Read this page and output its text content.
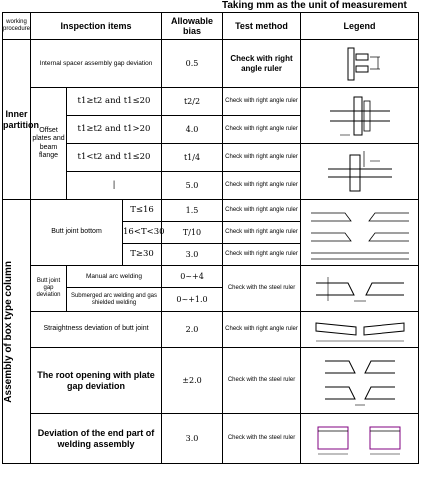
Taking mm as the unit of measurement
working procedure	Inspection items			Allowable bias	Test method	Legend
Inner partition	Internal spacer assembly gap deviation			0.5	Check with right angle ruler	

	Offset plates and beam flange	t1≥t2 and t1≤20		t2/2	Check with right angle ruler	

		t1≥t2 and t1>20		4.0	Check with right angle ruler	
		t1<t2 and t1≤20		t1/4	Check with right angle ruler	

		|		5.0	Check with right angle ruler	

Assembly of box type column	Butt joint bottom		T≤16	1.5	Check with right angle ruler	

			16<T<30	T/10	Check with right angle ruler	
			T≥30	3.0	Check with right angle ruler	
	Butt joint gap deviation	Manual arc welding		0~+4	Check with the steel ruler	

		Submerged arc welding and gas shielded welding		0~+1.0		
	Straightness deviation of butt joint			2.0	Check with right angle ruler	

	The root opening with plate gap deviation			±2.0	Check with the steel ruler	

	Deviation of the end part of welding assembly			3.0	Check with the steel ruler	
